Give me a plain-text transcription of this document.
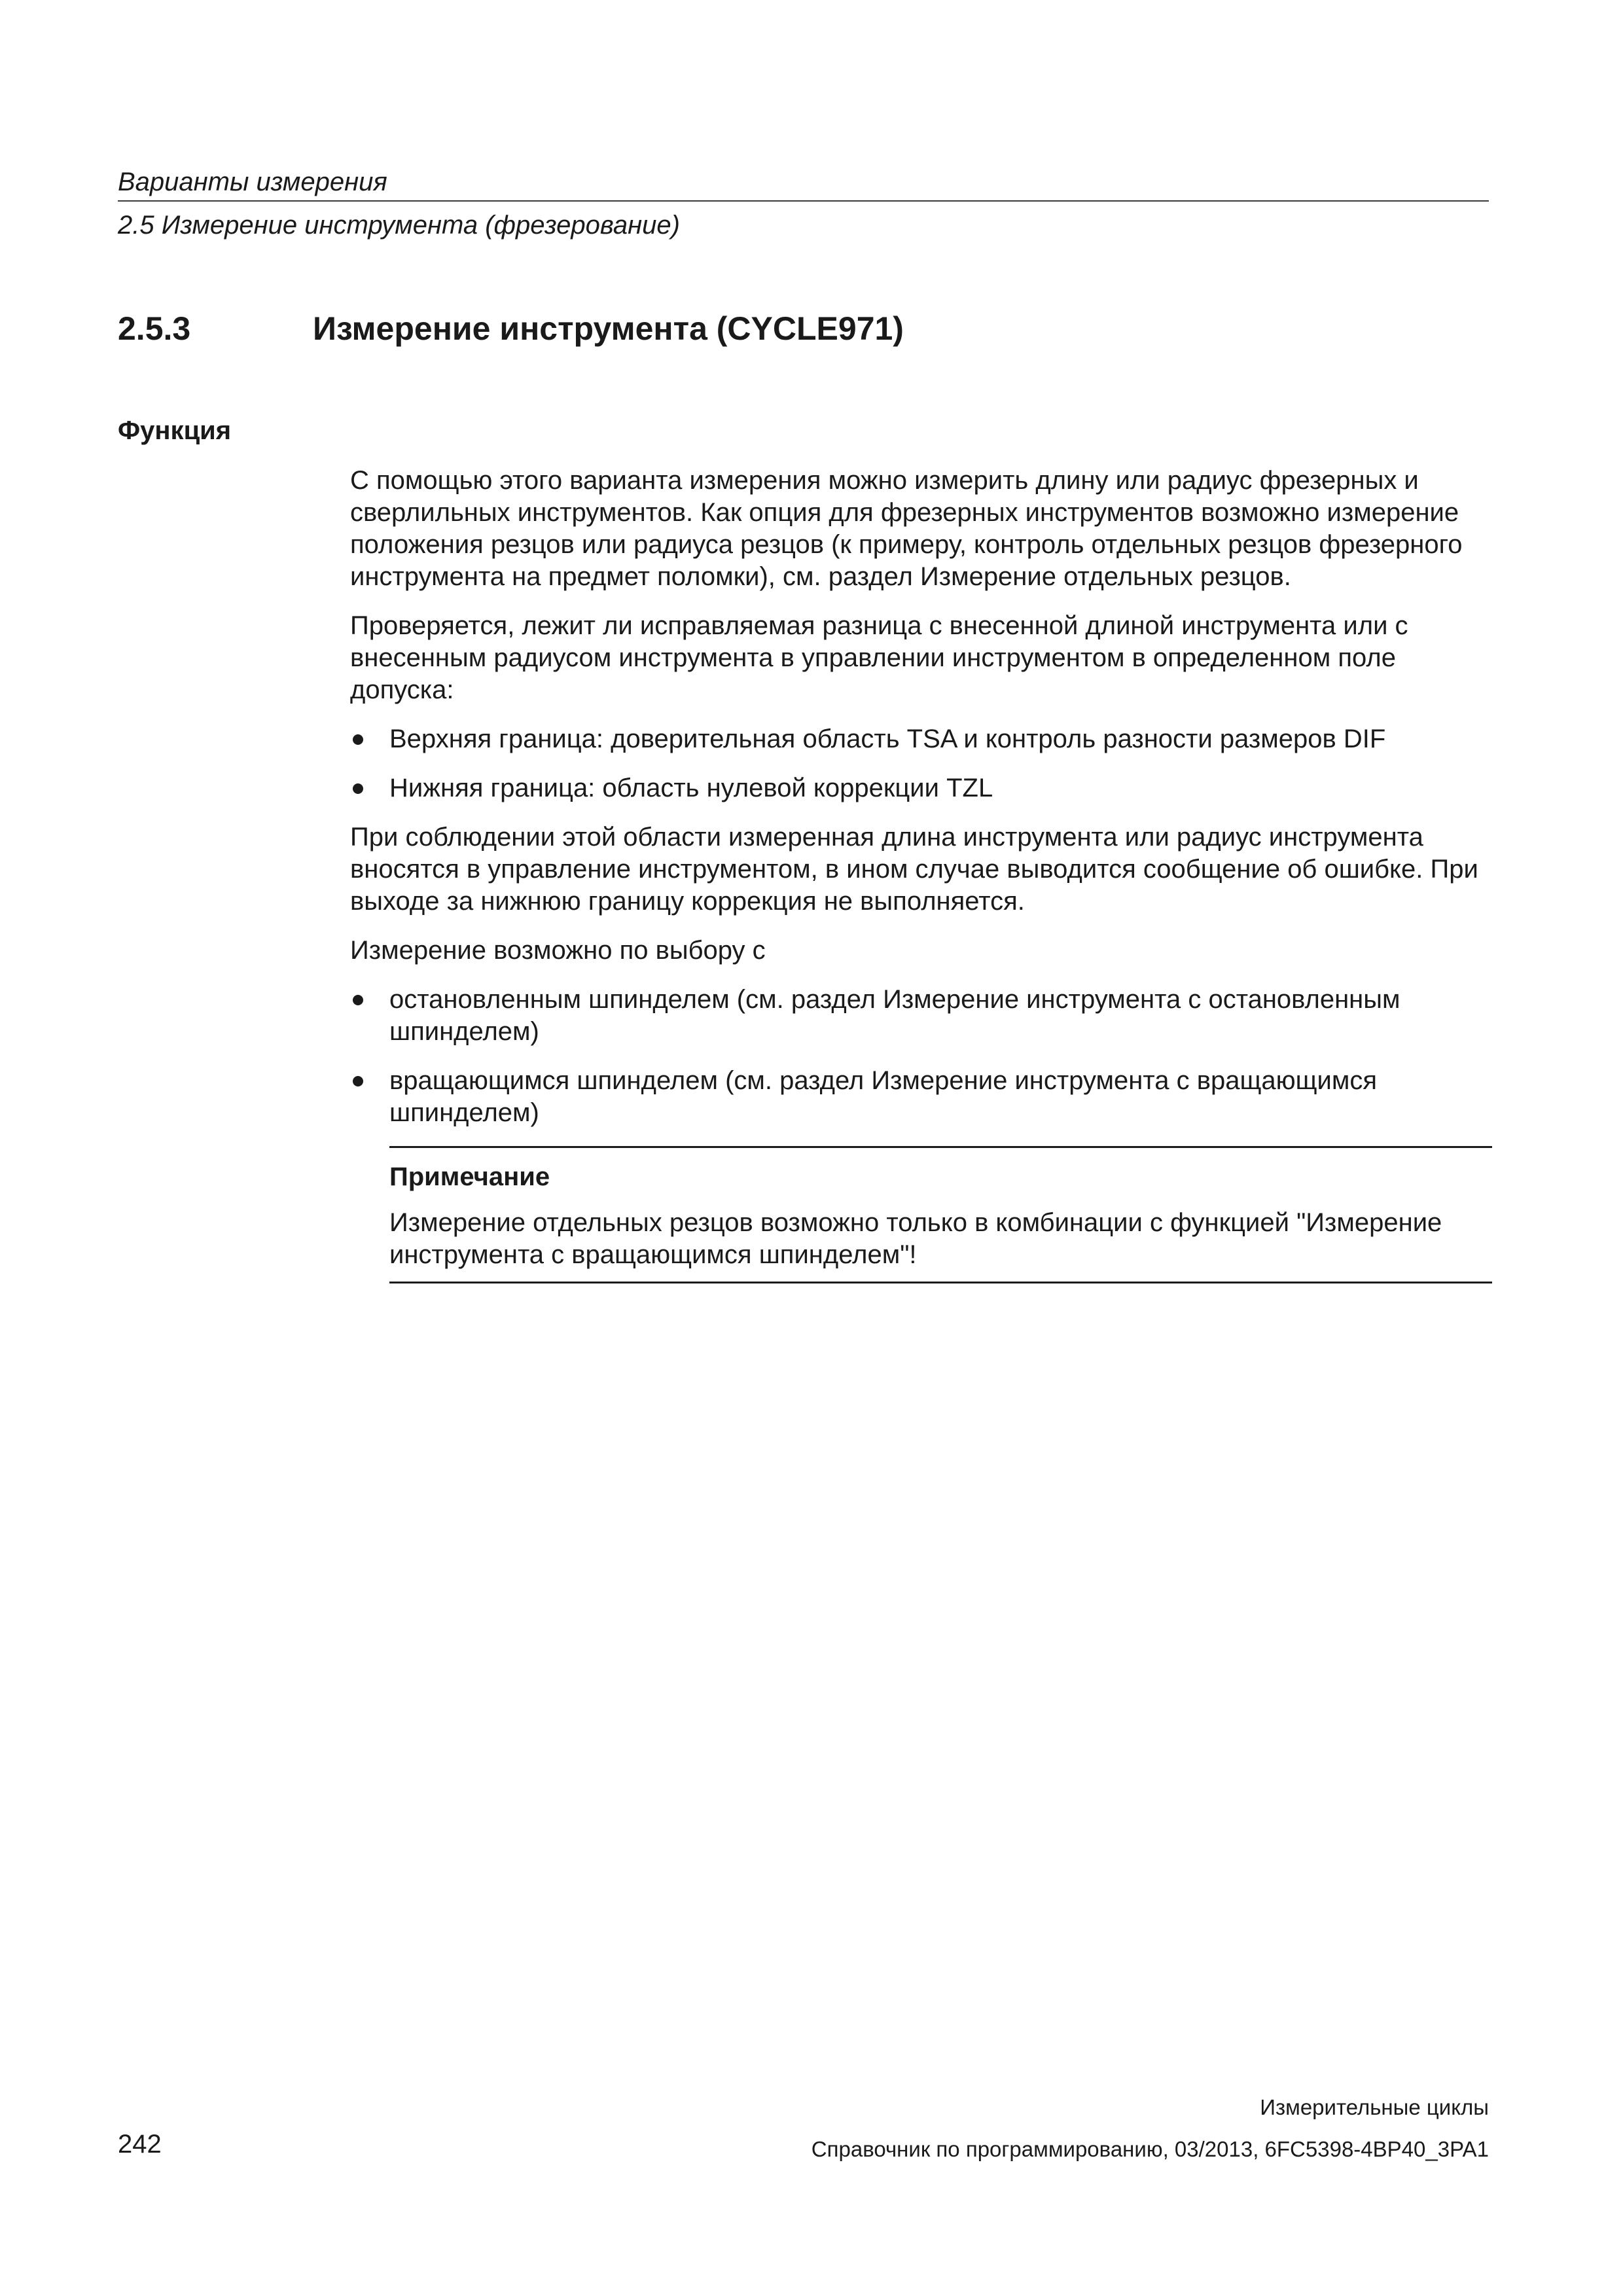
Варианты измерения
2.5 Измерение инструмента (фрезерование)
2.5.3	Измерение инструмента (CYCLE971)
Функция

С помощью этого варианта измерения можно измерить длину или радиус фрезерных и сверлильных инструментов. Как опция для фрезерных инструментов возможно измерение положения резцов или радиуса резцов (к примеру, контроль отдельных резцов фрезерного инструмента на предмет поломки), см. раздел Измерение отдельных резцов.

Проверяется, лежит ли исправляемая разница с внесенной длиной инструмента или с внесенным радиусом инструмента в управлении инструментом в определенном поле допуска:

Верхняя граница: доверительная область TSA и контроль разности размеров DIF
Нижняя граница: область нулевой коррекции TZL

При соблюдении этой области измеренная длина инструмента или радиус инструмента вносятся в управление инструментом, в ином случае выводится сообщение об ошибке. При выходе за нижнюю границу коррекция не выполняется.

Измерение возможно по выбору с

остановленным шпинделем (см. раздел Измерение инструмента с остановленным шпинделем)
вращающимся шпинделем (см. раздел Измерение инструмента с вращающимся шпинделем)
Примечание

Измерение отдельных резцов возможно только в комбинации с функцией "Измерение инструмента с вращающимся шпинделем"!

Измерительные циклы
242	Справочник по программированию, 03/2013, 6FC5398-4BP40_3PA1
